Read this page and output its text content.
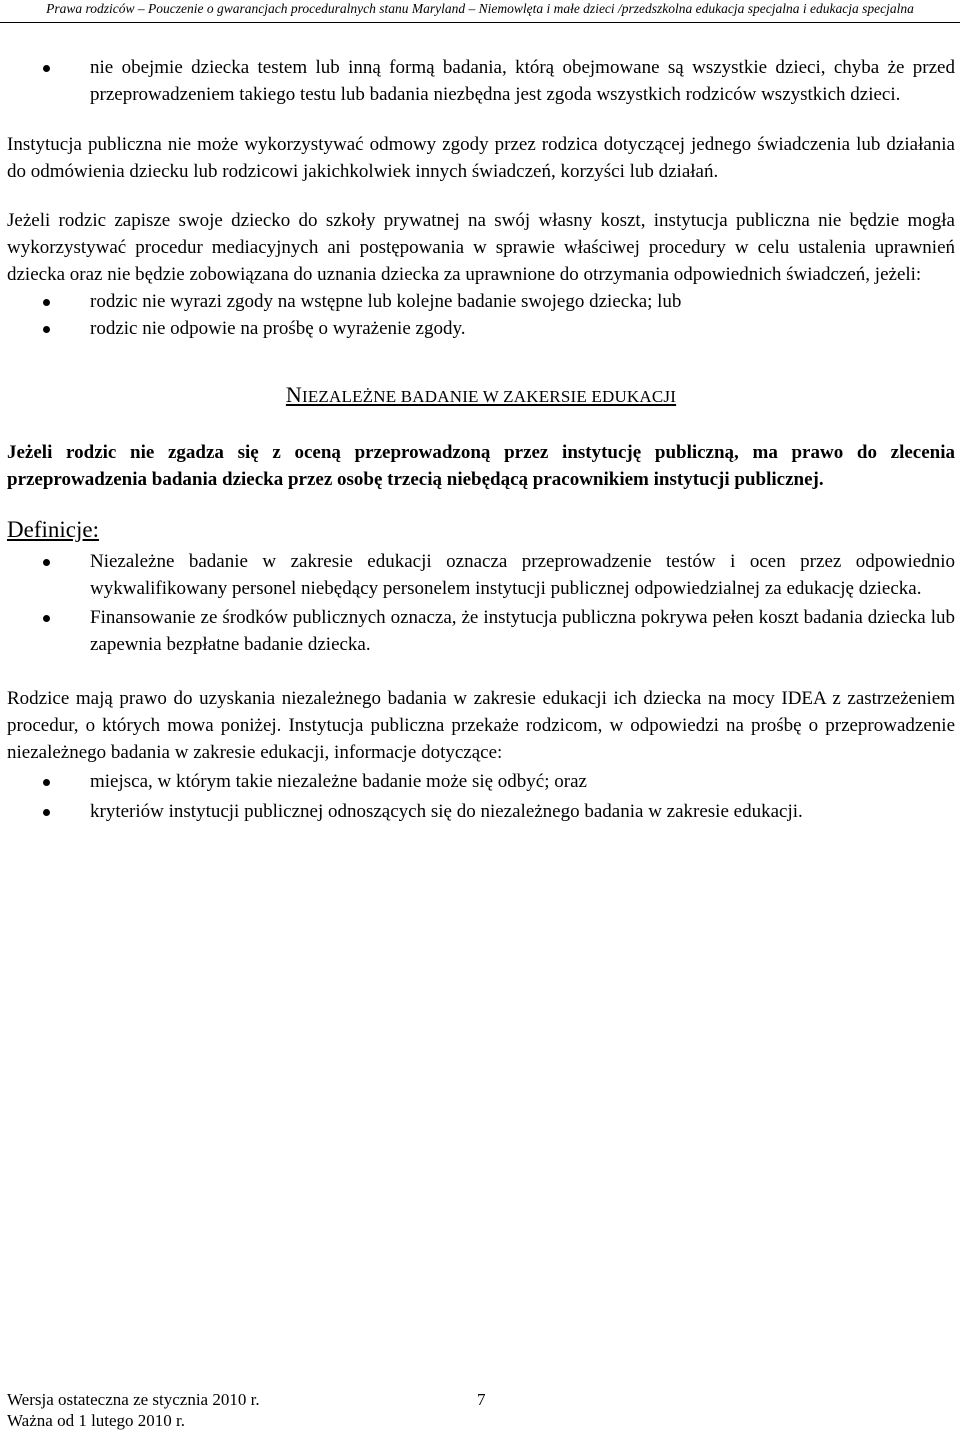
Prawa rodziców – Pouczenie o gwarancjach proceduralnych stanu Maryland – Niemowlęta i małe dzieci /przedszkolna edukacja specjalna i edukacja specjalna
nie obejmie dziecka testem lub inną formą badania, którą obejmowane są wszystkie dzieci, chyba że przed przeprowadzeniem takiego testu lub badania niezbędna jest zgoda wszystkich rodziców wszystkich dzieci.

Instytucja publiczna nie może wykorzystywać odmowy zgody przez rodzica dotyczącej jednego świadczenia lub działania do odmówienia dziecku lub rodzicowi jakichkolwiek innych świadczeń, korzyści lub działań.

Jeżeli rodzic zapisze swoje dziecko do szkoły prywatnej na swój własny koszt, instytucja publiczna nie będzie mogła wykorzystywać procedur mediacyjnych ani postępowania w sprawie właściwej procedury w celu ustalenia uprawnień dziecka oraz nie będzie zobowiązana do uznania dziecka za uprawnione do otrzymania odpowiednich świadczeń, jeżeli:

rodzic nie wyrazi zgody na wstępne lub kolejne badanie swojego dziecka; lub
rodzic nie odpowie na prośbę o wyrażenie zgody.

NIEZALEŻNE BADANIE W ZAKERSIE EDUKACJI

Jeżeli rodzic nie zgadza się z oceną przeprowadzoną przez instytucję publiczną, ma prawo do zlecenia przeprowadzenia badania dziecka przez osobę trzecią niebędącą pracownikiem instytucji publicznej.

Definicje:

Niezależne badanie w zakresie edukacji oznacza przeprowadzenie testów i ocen przez odpowiednio wykwalifikowany personel niebędący personelem instytucji publicznej odpowiedzialnej za edukację dziecka.
Finansowanie ze środków publicznych oznacza, że instytucja publiczna pokrywa pełen koszt badania dziecka lub zapewnia bezpłatne badanie dziecka.

Rodzice mają prawo do uzyskania niezależnego badania w zakresie edukacji ich dziecka na mocy IDEA z zastrzeżeniem procedur, o których mowa poniżej. Instytucja publiczna przekaże rodzicom, w odpowiedzi na prośbę o przeprowadzenie niezależnego badania w zakresie edukacji, informacje dotyczące:

miejsca, w którym takie niezależne badanie może się odbyć; oraz
kryteriów instytucji publicznej odnoszących się do niezależnego badania w zakresie edukacji.
Wersja ostateczna ze stycznia 2010 r.
Ważna od 1 lutego 2010 r.
7
